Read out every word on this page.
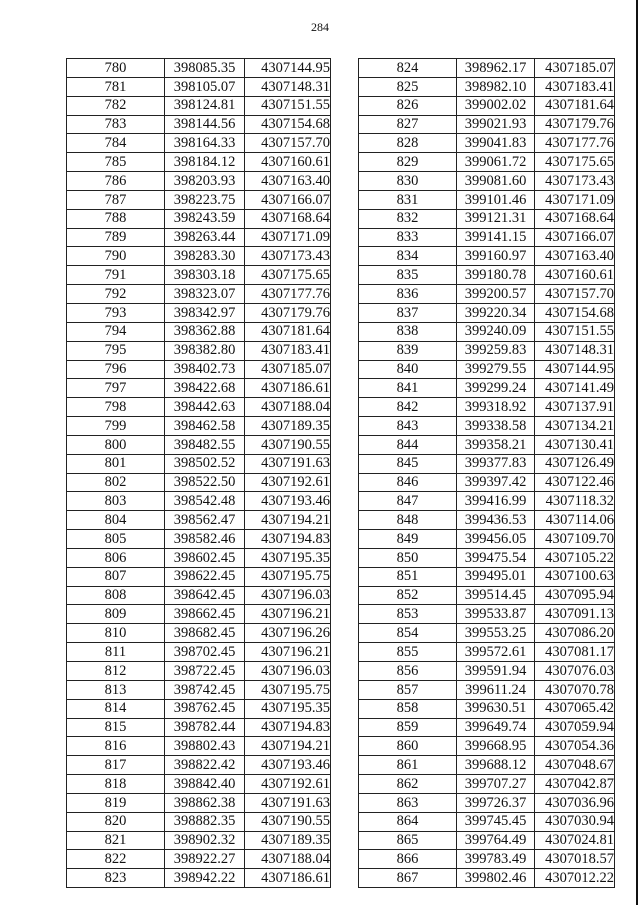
284
780	398085.35	4307144.95
781	398105.07	4307148.31
782	398124.81	4307151.55
783	398144.56	4307154.68
784	398164.33	4307157.70
785	398184.12	4307160.61
786	398203.93	4307163.40
787	398223.75	4307166.07
788	398243.59	4307168.64
789	398263.44	4307171.09
790	398283.30	4307173.43
791	398303.18	4307175.65
792	398323.07	4307177.76
793	398342.97	4307179.76
794	398362.88	4307181.64
795	398382.80	4307183.41
796	398402.73	4307185.07
797	398422.68	4307186.61
798	398442.63	4307188.04
799	398462.58	4307189.35
800	398482.55	4307190.55
801	398502.52	4307191.63
802	398522.50	4307192.61
803	398542.48	4307193.46
804	398562.47	4307194.21
805	398582.46	4307194.83
806	398602.45	4307195.35
807	398622.45	4307195.75
808	398642.45	4307196.03
809	398662.45	4307196.21
810	398682.45	4307196.26
811	398702.45	4307196.21
812	398722.45	4307196.03
813	398742.45	4307195.75
814	398762.45	4307195.35
815	398782.44	4307194.83
816	398802.43	4307194.21
817	398822.42	4307193.46
818	398842.40	4307192.61
819	398862.38	4307191.63
820	398882.35	4307190.55
821	398902.32	4307189.35
822	398922.27	4307188.04
823	398942.22	4307186.61
824	398962.17	4307185.07
825	398982.10	4307183.41
826	399002.02	4307181.64
827	399021.93	4307179.76
828	399041.83	4307177.76
829	399061.72	4307175.65
830	399081.60	4307173.43
831	399101.46	4307171.09
832	399121.31	4307168.64
833	399141.15	4307166.07
834	399160.97	4307163.40
835	399180.78	4307160.61
836	399200.57	4307157.70
837	399220.34	4307154.68
838	399240.09	4307151.55
839	399259.83	4307148.31
840	399279.55	4307144.95
841	399299.24	4307141.49
842	399318.92	4307137.91
843	399338.58	4307134.21
844	399358.21	4307130.41
845	399377.83	4307126.49
846	399397.42	4307122.46
847	399416.99	4307118.32
848	399436.53	4307114.06
849	399456.05	4307109.70
850	399475.54	4307105.22
851	399495.01	4307100.63
852	399514.45	4307095.94
853	399533.87	4307091.13
854	399553.25	4307086.20
855	399572.61	4307081.17
856	399591.94	4307076.03
857	399611.24	4307070.78
858	399630.51	4307065.42
859	399649.74	4307059.94
860	399668.95	4307054.36
861	399688.12	4307048.67
862	399707.27	4307042.87
863	399726.37	4307036.96
864	399745.45	4307030.94
865	399764.49	4307024.81
866	399783.49	4307018.57
867	399802.46	4307012.22
